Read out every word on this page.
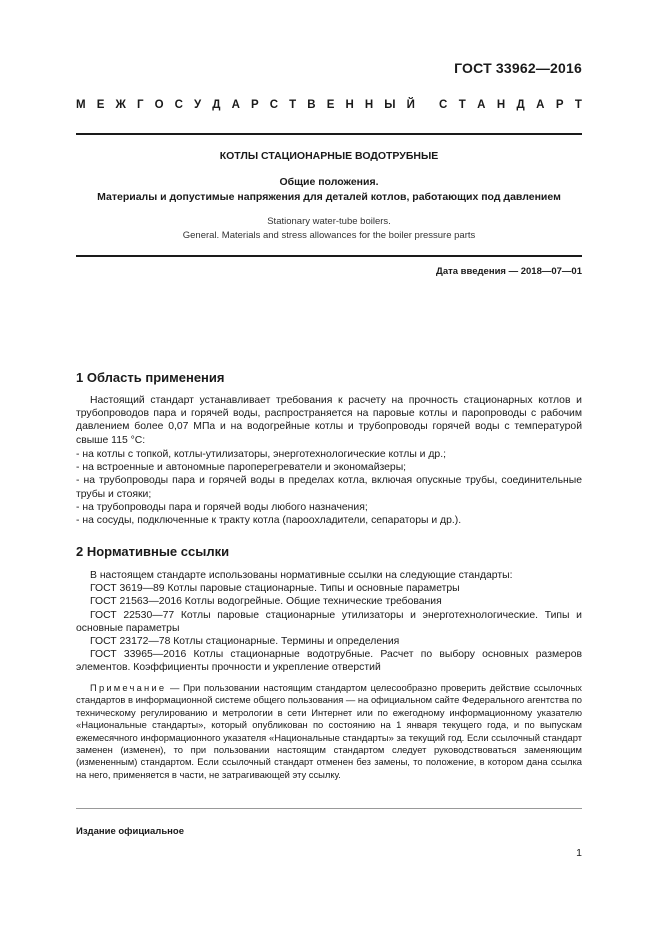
ГОСТ 33962—2016
М Е Ж Г О С У Д А Р С Т В Е Н Н Ы Й С Т А Н Д А Р Т
КОТЛЫ СТАЦИОНАРНЫЕ ВОДОТРУБНЫЕ
Общие положения.
Материалы и допустимые напряжения для деталей котлов, работающих под давлением
Stationary water-tube boilers.
General. Materials and stress allowances for the boiler pressure parts
Дата введения — 2018—07—01
1 Область применения
Настоящий стандарт устанавливает требования к расчету на прочность стационарных котлов и трубопроводов пара и горячей воды, распространяется на паровые котлы и паропроводы с рабочим давлением более 0,07 МПа и на водогрейные котлы и трубопроводы горячей воды с температурой свыше 115 °С:
- на котлы с топкой, котлы-утилизаторы, энерготехнологические котлы и др.;
- на встроенные и автономные пароперегреватели и экономайзеры;
- на трубопроводы пара и горячей воды в пределах котла, включая опускные трубы, соединительные трубы и стояки;
- на трубопроводы пара и горячей воды любого назначения;
- на сосуды, подключенные к тракту котла (пароохладители, сепараторы и др.).
2 Нормативные ссылки
В настоящем стандарте использованы нормативные ссылки на следующие стандарты:
ГОСТ 3619—89 Котлы паровые стационарные. Типы и основные параметры
ГОСТ 21563—2016 Котлы водогрейные. Общие технические требования
ГОСТ 22530—77 Котлы паровые стационарные утилизаторы и энерготехнологические. Типы и основные параметры
ГОСТ 23172—78 Котлы стационарные. Термины и определения
ГОСТ 33965—2016 Котлы стационарные водотрубные. Расчет по выбору основных размеров элементов. Коэффициенты прочности и укрепление отверстий
Примечание — При пользовании настоящим стандартом целесообразно проверить действие ссылочных стандартов в информационной системе общего пользования — на официальном сайте Федерального агентства по техническому регулированию и метрологии в сети Интернет или по ежегодному информационному указателю «Национальные стандарты», который опубликован по состоянию на 1 января текущего года, и по выпускам ежемесячного информационного указателя «Национальные стандарты» за текущий год. Если ссылочный стандарт заменен (изменен), то при пользовании настоящим стандартом следует руководствоваться заменяющим (измененным) стандартом. Если ссылочный стандарт отменен без замены, то положение, в котором дана ссылка на него, применяется в части, не затрагивающей эту ссылку.
Издание официальное
1
